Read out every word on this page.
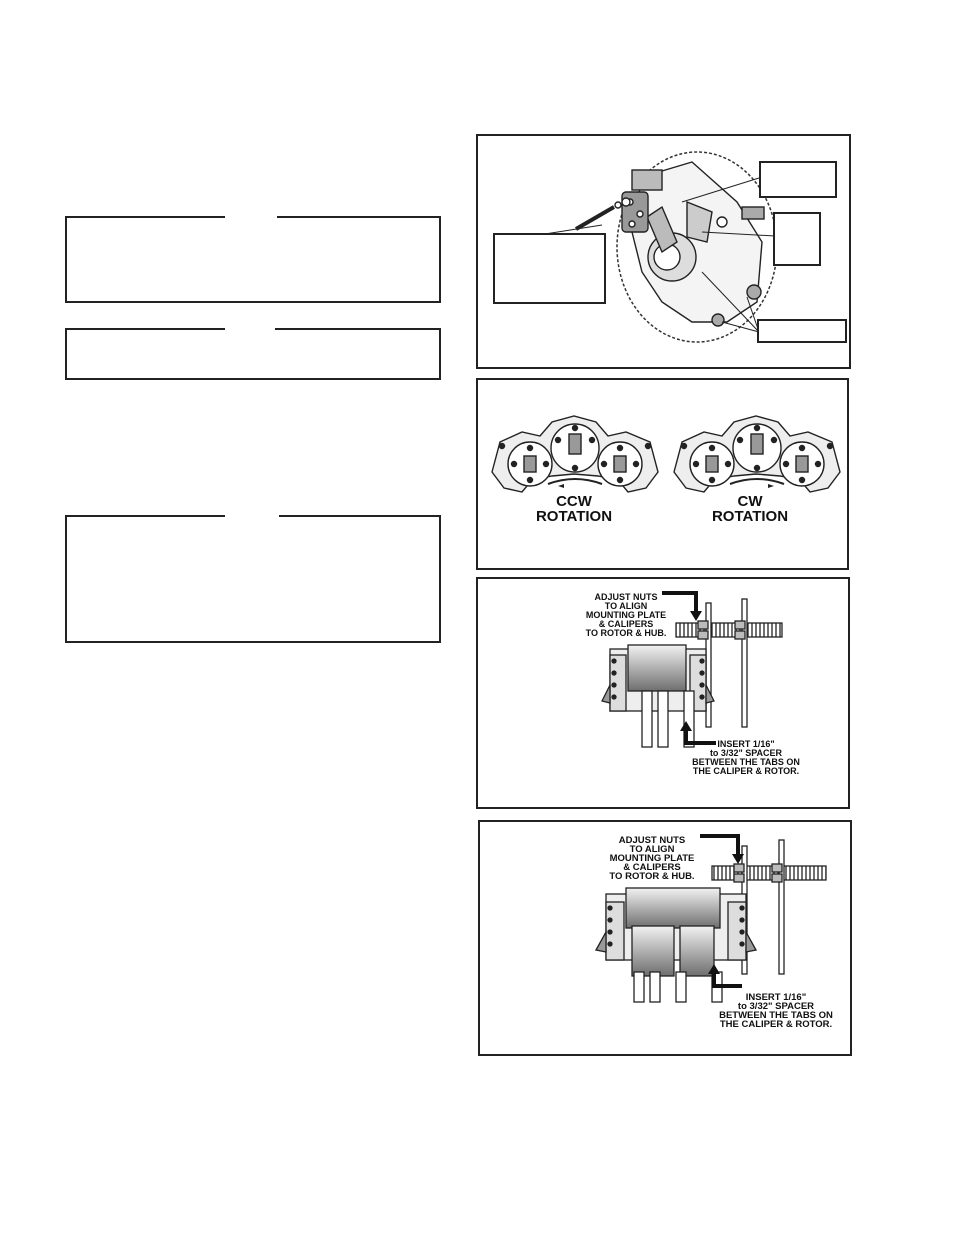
CCW
ROTATION
CW
ROTATION
ADJUST NUTS
TO ALIGN
MOUNTING PLATE
& CALIPERS
TO ROTOR & HUB.
INSERT 1/16"
to 3/32" SPACER
BETWEEN THE TABS ON
THE CALIPER & ROTOR.
ADJUST NUTS
TO ALIGN
MOUNTING PLATE
& CALIPERS
TO ROTOR & HUB.
INSERT 1/16"
to 3/32" SPACER
BETWEEN THE TABS ON
THE CALIPER & ROTOR.
